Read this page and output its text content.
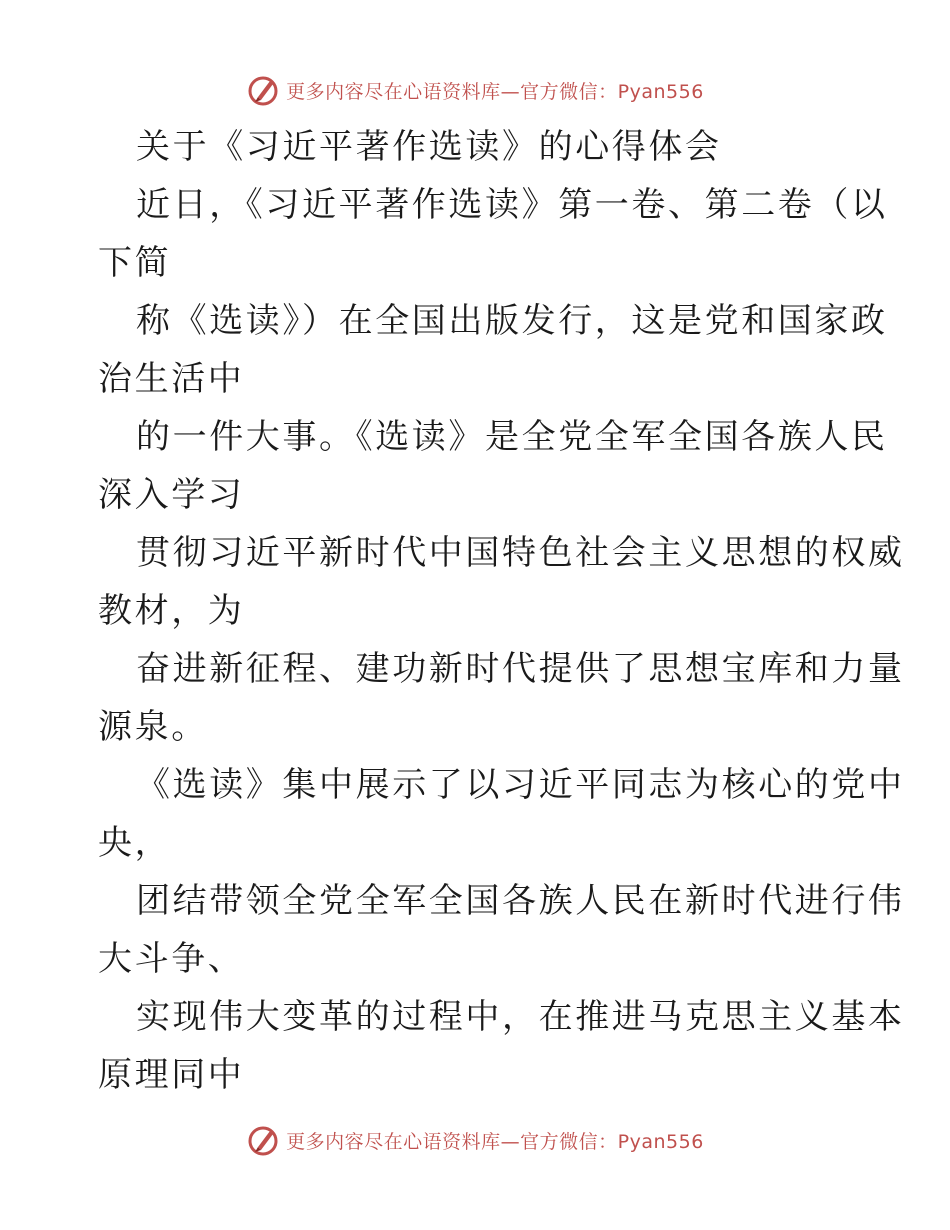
更多内容尽在心语资料库—官方微信：Pyan556
关于《习近平著作选读》的心得体会
近日，《习近平著作选读》第一卷、第二卷（以
下简
称《选读》）在全国出版发行，这是党和国家政
治生活中
的一件大事。《选读》是全党全军全国各族人民
深入学习
贯彻习近平新时代中国特色社会主义思想的权威
教材，为
奋进新征程、建功新时代提供了思想宝库和力量
源泉。
《选读》集中展示了以习近平同志为核心的党中
央，
团结带领全党全军全国各族人民在新时代进行伟
大斗争、
实现伟大变革的过程中，在推进马克思主义基本
原理同中
更多内容尽在心语资料库—官方微信：Pyan556
